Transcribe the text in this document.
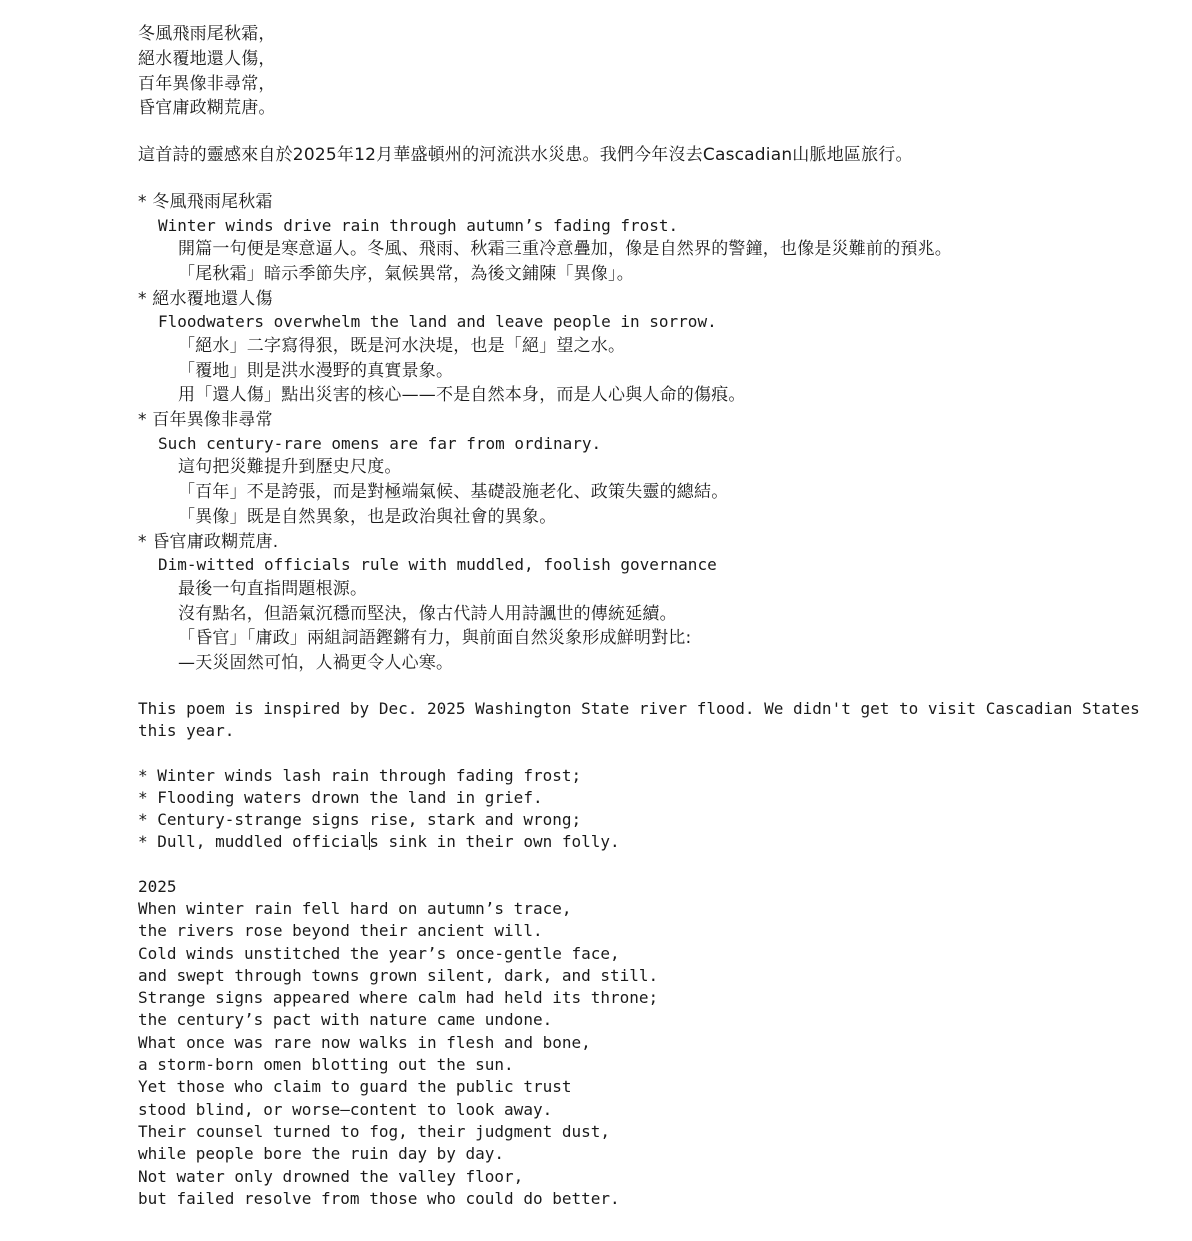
冬風飛雨尾秋霜，
絕水覆地還人傷，
百年異像非尋常，
昏官庸政糊荒唐。
這首詩的靈感來自於2025年12月華盛頓州的河流洪水災患。我們今年沒去Cascadian山脈地區旅行。
* 冬風飛雨尾秋霜
Winter winds drive rain through autumn’s fading frost.
開篇一句便是寒意逼人。冬風、飛雨、秋霜三重冷意疊加，像是自然界的警鐘，也像是災難前的預兆。
「尾秋霜」暗示季節失序，氣候異常，為後文鋪陳「異像」。
* 絕水覆地還人傷
Floodwaters overwhelm the land and leave people in sorrow.
「絕水」二字寫得狠，既是河水決堤，也是「絕」望之水。
「覆地」則是洪水漫野的真實景象。
用「還人傷」點出災害的核心——不是自然本身，而是人心與人命的傷痕。
* 百年異像非尋常
Such century-rare omens are far from ordinary.
這句把災難提升到歷史尺度。
「百年」不是誇張，而是對極端氣候、基礎設施老化、政策失靈的總結。
「異像」既是自然異象，也是政治與社會的異象。
* 昏官庸政糊荒唐.
Dim-witted officials rule with muddled, foolish governance
最後一句直指問題根源。
沒有點名，但語氣沉穩而堅決，像古代詩人用詩諷世的傳統延續。
「昏官」「庸政」兩組詞語鏗鏘有力，與前面自然災象形成鮮明對比:
—天災固然可怕，人禍更令人心寒。
This poem is inspired by Dec. 2025 Washington State river flood. We didn't get to visit Cascadian States
this year.
* Winter winds lash rain through fading frost;
* Flooding waters drown the land in grief.
* Century-strange signs rise, stark and wrong;
* Dull, muddled officials sink in their own folly.
2025
When winter rain fell hard on autumn’s trace,
the rivers rose beyond their ancient will.
Cold winds unstitched the year’s once-gentle face,
and swept through towns grown silent, dark, and still.
Strange signs appeared where calm had held its throne;
the century’s pact with nature came undone.
What once was rare now walks in flesh and bone,
a storm-born omen blotting out the sun.
Yet those who claim to guard the public trust
stood blind, or worse—content to look away.
Their counsel turned to fog, their judgment dust,
while people bore the ruin day by day.
Not water only drowned the valley floor,
but failed resolve from those who could do better.
